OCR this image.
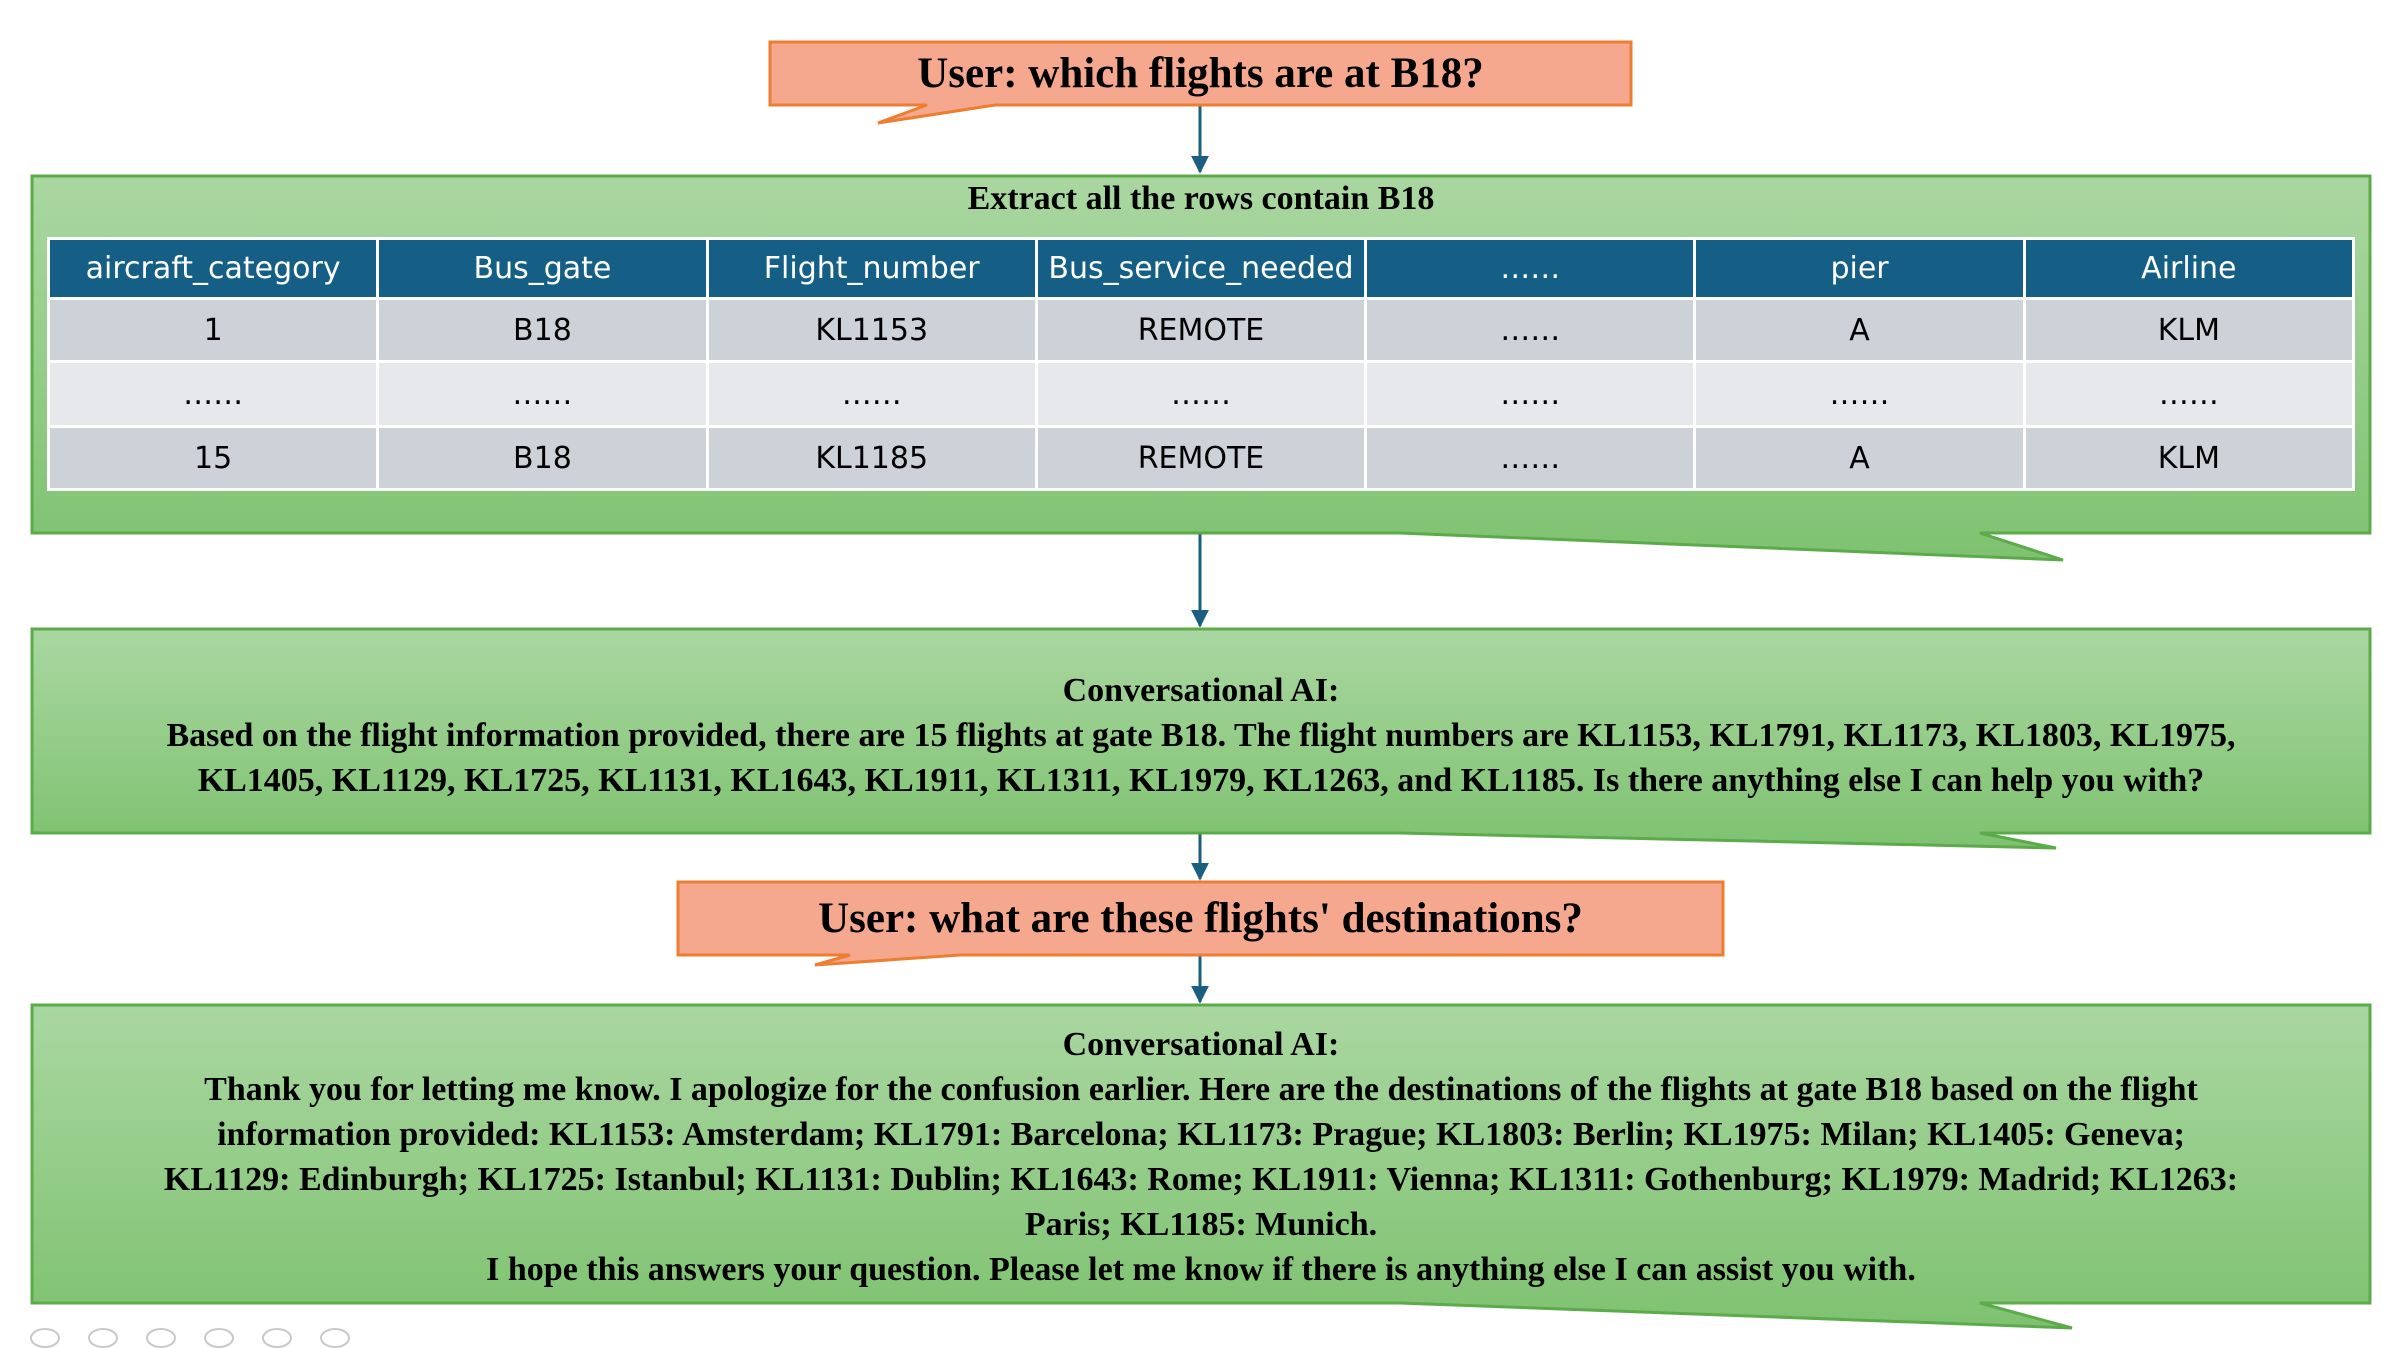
User: which flights are at B18?
Extract all the rows contain B18
aircraft_category	Bus_gate	Flight_number	Bus_service_needed	……	pier	Airline
1	B18	KL1153	REMOTE	……	A	KLM
……	……	……	……	……	……	……
15	B18	KL1185	REMOTE	……	A	KLM
Conversational AI:
Based on the flight information provided, there are 15 flights at gate B18. The flight numbers are KL1153, KL1791, KL1173, KL1803, KL1975,
KL1405, KL1129, KL1725, KL1131, KL1643, KL1911, KL1311, KL1979, KL1263, and KL1185. Is there anything else I can help you with?
User: what are these flights' destinations?
Conversational AI:
Thank you for letting me know. I apologize for the confusion earlier. Here are the destinations of the flights at gate B18 based on the flight
information provided: KL1153: Amsterdam; KL1791: Barcelona; KL1173: Prague; KL1803: Berlin; KL1975: Milan; KL1405: Geneva;
KL1129: Edinburgh; KL1725: Istanbul; KL1131: Dublin; KL1643: Rome; KL1911: Vienna; KL1311: Gothenburg; KL1979: Madrid; KL1263:
Paris; KL1185: Munich.
I hope this answers your question. Please let me know if there is anything else I can assist you with.
